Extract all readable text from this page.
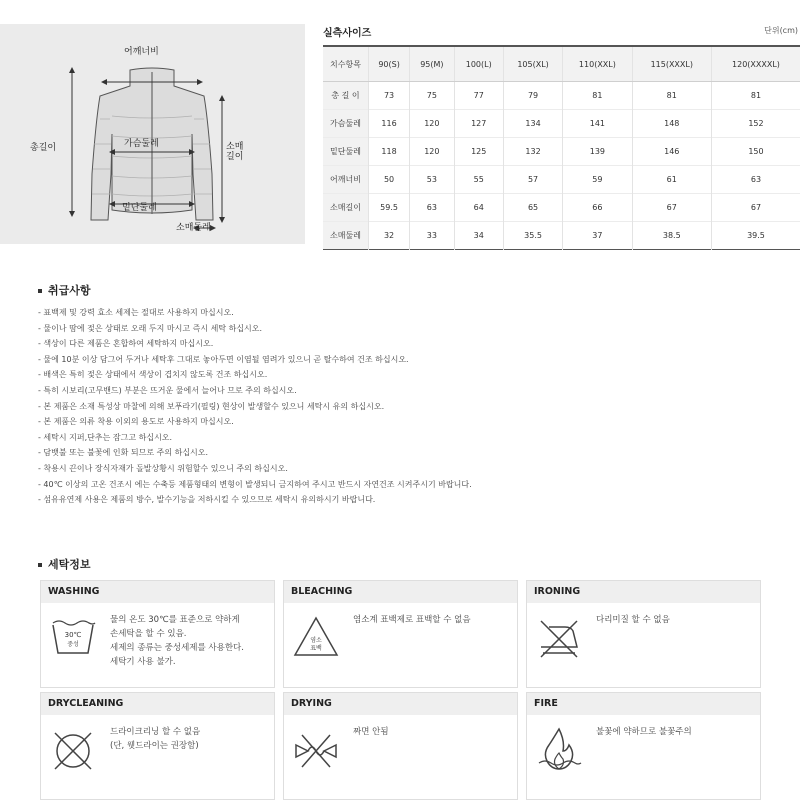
어깨너비
총길이	가슴둘레	소매
길이
밑단둘레
소매둘레
실측사이즈	단위(cm)
치수항목	90(S)	95(M)	100(L)	105(XL)	110(XXL)	115(XXXL)	120(XXXXL)
총 길 이	73	75	77	79	81	81	81
가슴둘레	116	120	127	134	141	148	152
밑단둘레	118	120	125	132	139	146	150
어깨너비	50	53	55	57	59	61	63
소매길이	59.5	63	64	65	66	67	67
소매둘레	32	33	34	35.5	37	38.5	39.5
취급사항
- 표백제 및 강력 효소 세제는 절대로 사용하지 마십시오.
- 물이나 땀에 젖은 상태로 오래 두지 마시고 즉시 세탁 하십시오.
- 색상이 다른 제품은 혼합하여 세탁하지 마십시오.
- 물에 10분 이상 담그어 두거나 세탁후 그대로 놓아두면 이염될 염려가 있으니 곧 탈수하여 건조 하십시오.
- 배색은 특히 젖은 상태에서 색상이 겹치지 않도록 건조 하십시오.
- 특히 시보리(고무밴드) 부분은 뜨거운 물에서 늘어나 므로 주의 하십시오.
- 본 제품은 소재 특성상 마찰에 의해 보푸라기(필링) 현상이 발생할수 있으니 세탁시 유의 하십시오.
- 본 제품은 의류 착용 이외의 용도로 사용하지 마십시오.
- 세탁시 지퍼,단추는 잠그고 하십시오.
- 담뱃불 또는 불꽃에 인화 되므로 주의 하십시오.
- 착용시 끈이나 장식자재가 돌발상황시 위험할수 있으니 주의 하십시오.
- 40℃ 이상의 고온 건조시 에는 수축등 제품형태의 변형이 발생되니 금지하여 주시고 반드시 자연건조 시켜주시기 바랍니다.
- 섬유유연제 사용은 제품의 방수, 발수기능을 저하시킬 수 있으므로 세탁시 유의하시기 바랍니다.
세탁정보
WASHING
30℃
중성
물의 온도 30℃를 표준으로 약하게
손세탁을 할 수 있음.
세제의 종류는 중성세제를 사용한다.
세탁기 사용 불가.
BLEACHING
염소
표백
염소계 표백제로 표백할 수 없음
IRONING
다리미질 할 수 없음
DRYCLEANING
드라이크리닝 할 수 없음
(단, 웻드라이는 권장함)
DRYING
짜면 안됨
FIRE
불꽃에 약하므로 불꽃주의
